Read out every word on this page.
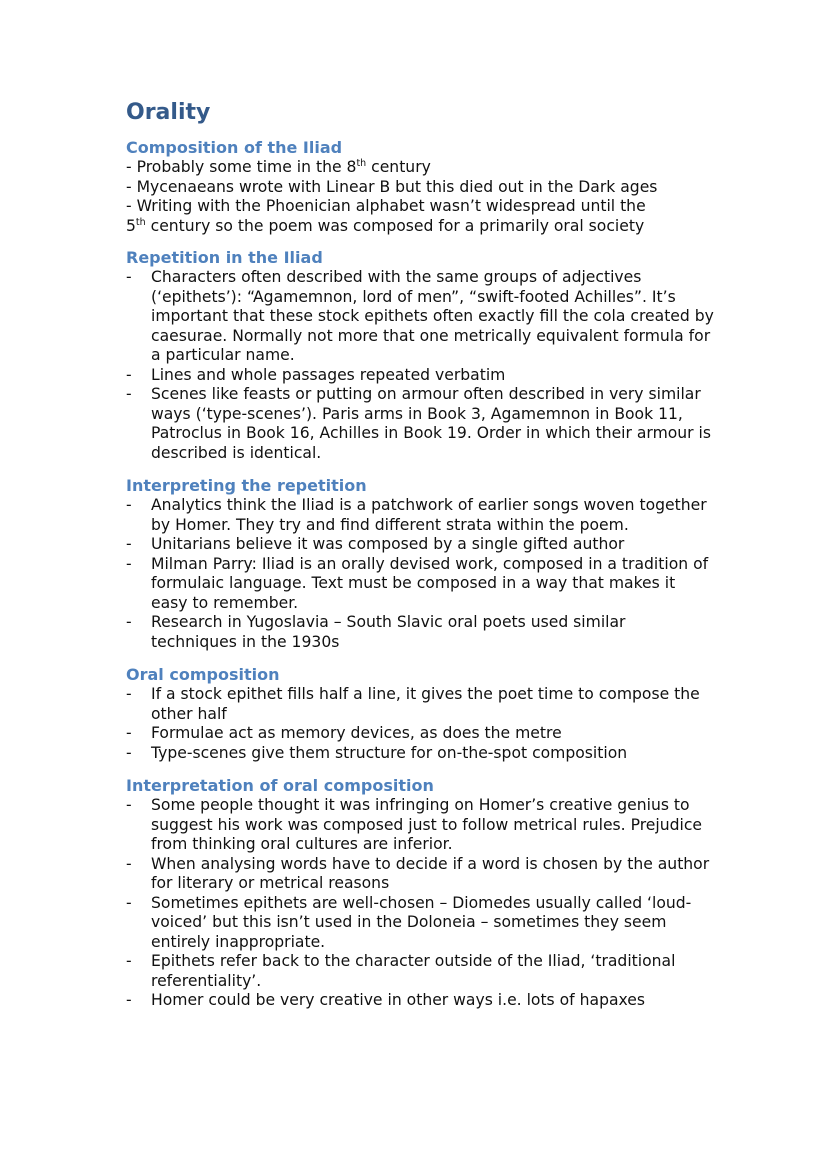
Orality
Composition of the Iliad

- Probably some time in the 8th century

- Mycenaeans wrote with Linear B but this died out in the Dark ages

- Writing with the Phoenician alphabet wasn’t widespread until the

5th century so the poem was composed for a primarily oral society

Repetition in the Iliad
- Characters often described with the same groups of adjectives (‘epithets’): “Agamemnon, lord of men”, “swift-footed Achilles”. It’s important that these stock epithets often exactly fill the cola created by caesurae. Normally not more that one metrically equivalent formula for a particular name.
- Lines and whole passages repeated verbatim
- Scenes like feasts or putting on armour often described in very similar ways (‘type-scenes’). Paris arms in Book 3, Agamemnon in Book 11, Patroclus in Book 16, Achilles in Book 19. Order in which their armour is described is identical.
Interpreting the repetition
- Analytics think the Iliad is a patchwork of earlier songs woven together by Homer. They try and find different strata within the poem.
- Unitarians believe it was composed by a single gifted author
- Milman Parry: Iliad is an orally devised work, composed in a tradition of formulaic language. Text must be composed in a way that makes it easy to remember.
- Research in Yugoslavia – South Slavic oral poets used similar techniques in the 1930s
Oral composition
- If a stock epithet fills half a line, it gives the poet time to compose the other half
- Formulae act as memory devices, as does the metre
- Type-scenes give them structure for on-the-spot composition
Interpretation of oral composition
- Some people thought it was infringing on Homer’s creative genius to suggest his work was composed just to follow metrical rules. Prejudice from thinking oral cultures are inferior.
- When analysing words have to decide if a word is chosen by the author for literary or metrical reasons
- Sometimes epithets are well-chosen – Diomedes usually called ‘loud-voiced’ but this isn’t used in the Doloneia – sometimes they seem entirely inappropriate.
- Epithets refer back to the character outside of the Iliad, ‘traditional referentiality’.
- Homer could be very creative in other ways i.e. lots of hapaxes
